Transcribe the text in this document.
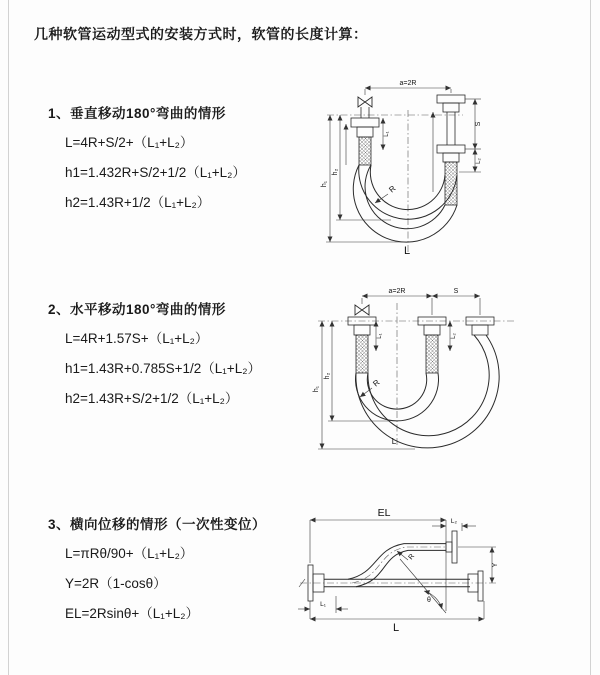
几种软管运动型式的安装方式时，软管的长度计算：
1、垂直移动180°弯曲的情形
L=4R+S/2+（L₁+L₂）
h1=1.432R+S/2+1/2（L₁+L₂）
h2=1.43R+1/2（L₁+L₂）
a=2R
h₁
h₂
L₁
S
L₂
R
L
2、水平移动180°弯曲的情形
L=4R+1.57S+（L₁+L₂）
h1=1.43R+0.785S+1/2（L₁+L₂）
h2=1.43R+S/2+1/2（L₁+L₂）
a=2R	S
L₁	L₂
h₁
h₂
R
L
3、横向位移的情形（一次性变位）
L=πRθ/90+（L₁+L₂）
Y=2R（1-cosθ）
EL=2Rsinθ+（L₁+L₂）
EL
L₂
Y
θ
R
L₁
L
